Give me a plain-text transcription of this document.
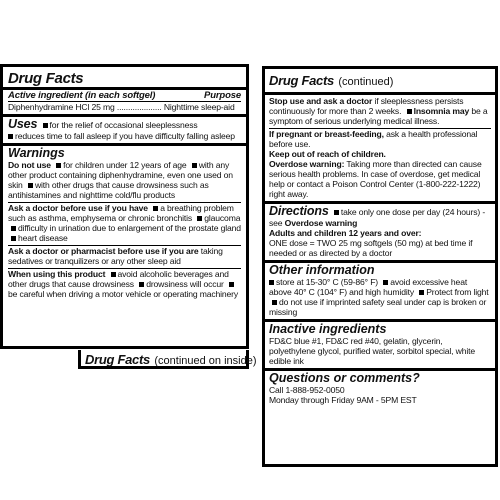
Drug Facts
Active ingredient (in each softgel)	Purpose
Diphenhydramine HCl 25 mg .................... Nighttime sleep-aid
Uses for the relief of occasional sleeplessness
reduces time to fall asleep if you have difficulty falling asleep
Warnings
Do not use for children under 12 years of age with any other product containing diphenhydramine, even one used on skin with other drugs that cause drowsiness such as antihistamines and nighttime cold/flu products
Ask a doctor before use if you have a breathing problem such as asthma, emphysema or chronic bronchitis glaucoma difficulty in urination due to enlargement of the prostate gland heart disease
Ask a doctor or pharmacist before use if you are taking sedatives or tranquilizers or any other sleep aid
When using this product avoid alcoholic beverages and other drugs that cause drowsiness drowsiness will occur be careful when driving a motor vehicle or operating machinery
Drug Facts (continued on inside)
Drug Facts (continued)
Stop use and ask a doctor if sleeplessness persists continuously for more than 2 weeks. Insomnia may be a symptom of serious underlying medical illness.
If pregnant or breast-feeding, ask a health professional before use.
Keep out of reach of children.
Overdose warning: Taking more than directed can cause serious health problems. In case of overdose, get medical help or contact a Poison Control Center (1-800-222-1222) right away.
Directions take only one dose per day (24 hours) - see Overdose warning
Adults and children 12 years and over:
ONE dose = TWO 25 mg softgels (50 mg) at bed time if needed or as directed by a doctor
Other information
store at 15-30° C (59-86° F) avoid excessive heat above 40° C (104° F) and high humidity Protect from light do not use if imprinted safety seal under cap is broken or missing
Inactive ingredients
FD&C blue #1, FD&C red #40, gelatin, glycerin, polyethylene glycol, purified water, sorbitol special, white edible ink
Questions or comments?
Call 1-888-952-0050
Monday through Friday 9AM - 5PM EST
